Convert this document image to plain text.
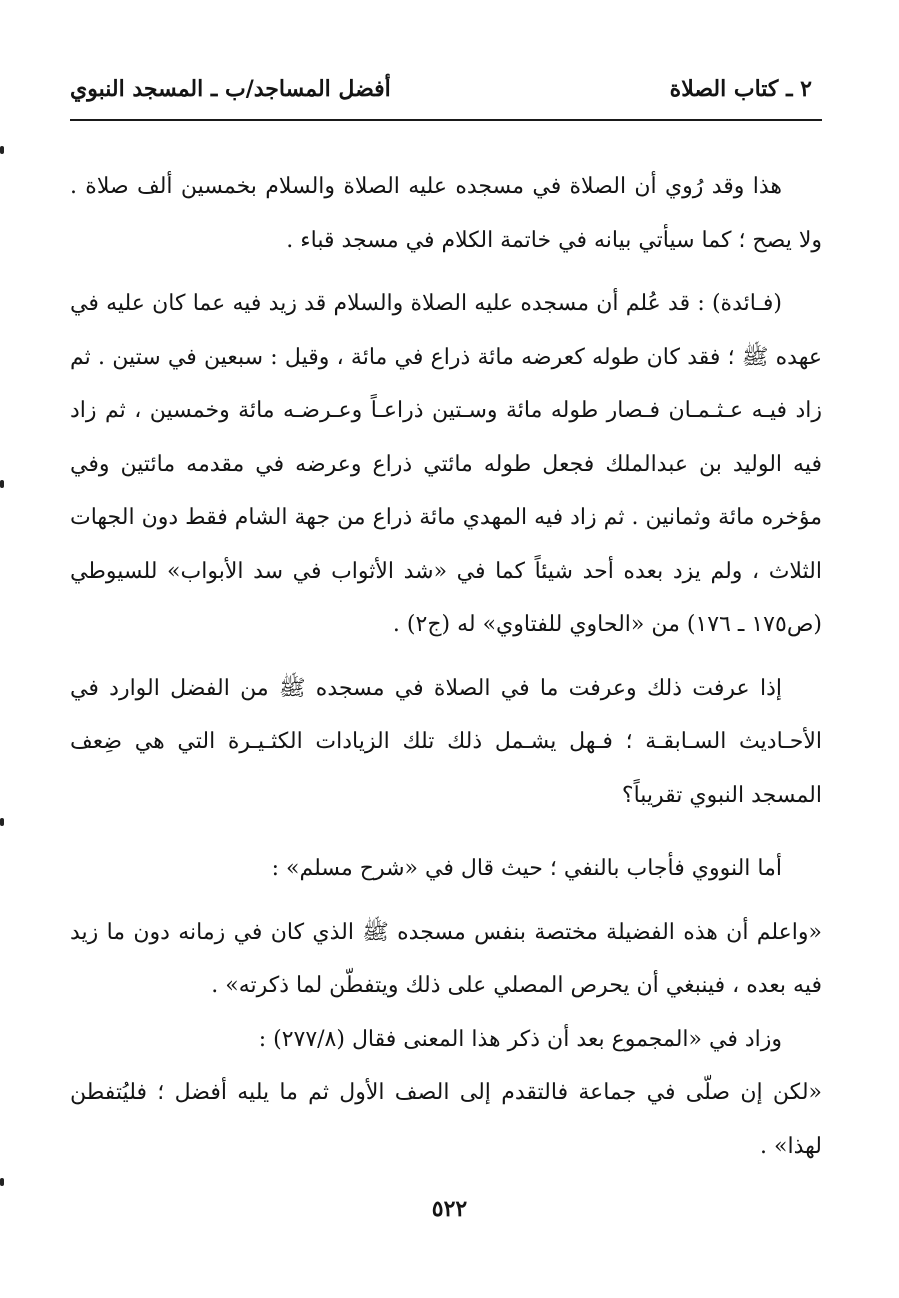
٢ ـ كتاب الصلاة
أفضل المساجد/ب ـ المسجد النبوي

هذا وقد رُوي أن الصلاة في مسجده عليه الصلاة والسلام بخمسين ألف صلاة . ولا يصح ؛ كما سيأتي بيانه في خاتمة الكلام في مسجد قباء .

(فـائدة) : قد عُلم أن مسجده عليه الصلاة والسلام قد زيد فيه عما كان عليه في عهده ﷺ ؛ فقد كان طوله كعرضه مائة ذراع في مائة ، وقيل : سبعين في ستين . ثم زاد فيـه عـثـمـان فـصار طوله مائة وسـتين ذراعـاً وعـرضـه مائة وخمسين ، ثم زاد فيه الوليد بن عبدالملك فجعل طوله مائتي ذراع وعرضه في مقدمه مائتين وفي مؤخره مائة وثمانين . ثم زاد فيه المهدي مائة ذراع من جهة الشام فقط دون الجهات الثلاث ، ولم يزد بعده أحد شيئاً كما في «شد الأثواب في سد الأبواب» للسيوطي (ص١٧٥ ـ ١٧٦) من «الحاوي للفتاوي» له (ج٢) .

إذا عرفت ذلك وعرفت ما في الصلاة في مسجده ﷺ من الفضل الوارد في الأحـاديث السـابقـة ؛ فـهل يشـمل ذلك تلك الزيادات الكثـيـرة التي هي ضِعف المسجد النبوي تقريباً؟

أما النووي فأجاب بالنفي ؛ حيث قال في «شرح مسلم» :

«واعلم أن هذه الفضيلة مختصة بنفس مسجده ﷺ الذي كان في زمانه دون ما زيد فيه بعده ، فينبغي أن يحرص المصلي على ذلك ويتفطّن لما ذكرته» .

وزاد في «المجموع بعد أن ذكر هذا المعنى فقال (٢٧٧/٨) :

«لكن إن صلّى في جماعة فالتقدم إلى الصف الأول ثم ما يليه أفضل ؛ فليُتفطن لهذا» .

٥٢٢
